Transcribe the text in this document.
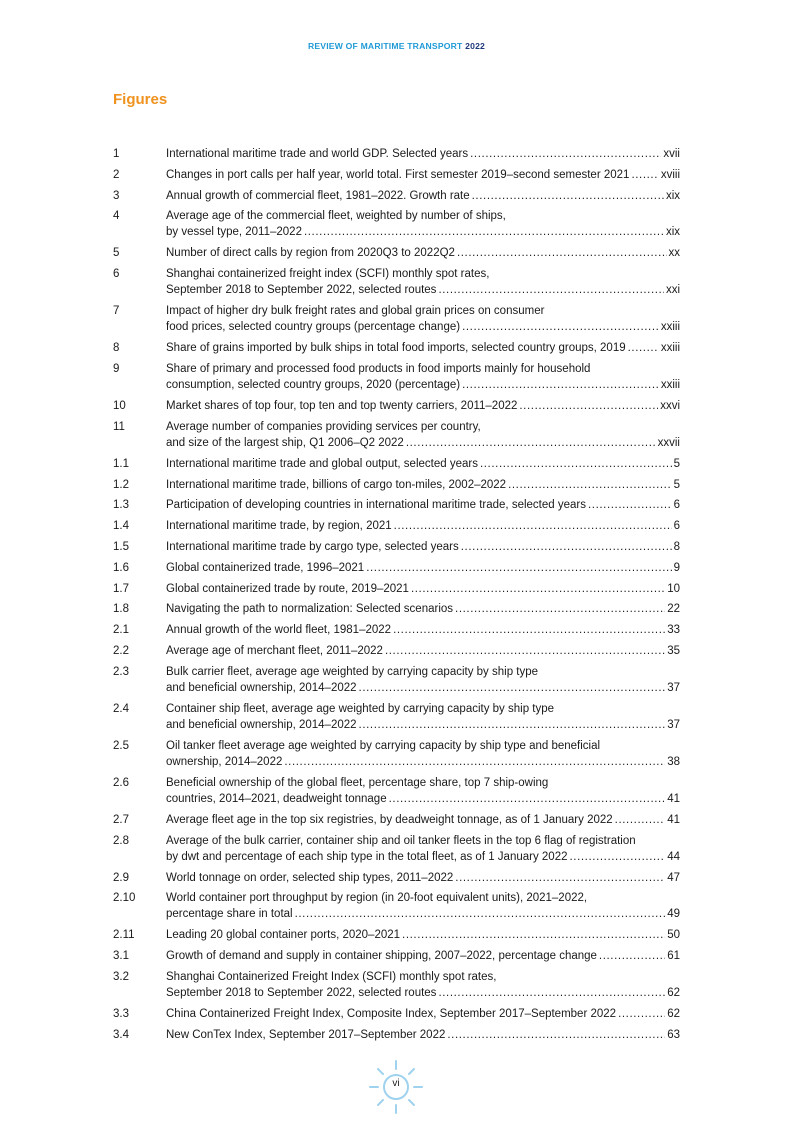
REVIEW OF MARITIME TRANSPORT 2022
Figures
1	International maritime trade and world GDP. Selected years .....	xvii
2	Changes in port calls per half year, world total. First semester 2019–second semester 2021 .....	xviii
3	Annual growth of commercial fleet, 1981–2022. Growth rate .....	xix
4	Average age of the commercial fleet, weighted by number of ships,
by vessel type, 2011–2022 .....	xix
5	Number of direct calls by region from 2020Q3 to 2022Q2 .....	xx
6	Shanghai containerized freight index (SCFI) monthly spot rates,
September 2018 to September 2022, selected routes .....	xxi
7	Impact of higher dry bulk freight rates and global grain prices on consumer
food prices, selected country groups (percentage change) .....	xxiii
8	Share of grains imported by bulk ships in total food imports, selected country groups, 2019 .....	xxiii
9	Share of primary and processed food products in food imports mainly for household
consumption, selected country groups, 2020 (percentage) .....	xxiii
10	Market shares of top four, top ten and top twenty carriers, 2011–2022 .....	xxvi
11	Average number of companies providing services per country,
and size of the largest ship, Q1 2006–Q2 2022 .....	xxvii
1.1	International maritime trade and global output, selected years .....	5
1.2	International maritime trade, billions of cargo ton-miles, 2002–2022 .....	5
1.3	Participation of developing countries in international maritime trade, selected years .....	6
1.4	International maritime trade, by region, 2021 .....	6
1.5	International maritime trade by cargo type, selected years .....	8
1.6	Global containerized trade, 1996–2021 .....	9
1.7	Global containerized trade by route, 2019–2021 .....	10
1.8	Navigating the path to normalization: Selected scenarios .....	22
2.1	Annual growth of the world fleet, 1981–2022 .....	33
2.2	Average age of merchant fleet, 2011–2022 .....	35
2.3	Bulk carrier fleet, average age weighted by carrying capacity by ship type
and beneficial ownership, 2014–2022 .....	37
2.4	Container ship fleet, average age weighted by carrying capacity by ship type
and beneficial ownership, 2014–2022 .....	37
2.5	Oil tanker fleet average age weighted by carrying capacity by ship type and beneficial
ownership, 2014–2022 .....	38
2.6	Beneficial ownership of the global fleet, percentage share, top 7 ship-owing
countries, 2014–2021, deadweight tonnage .....	41
2.7	Average fleet age in the top six registries, by deadweight tonnage, as of 1 January 2022 .....	41
2.8	Average of the bulk carrier, container ship and oil tanker fleets in the top 6 flag of registration
by dwt and percentage of each ship type in the total fleet, as of 1 January 2022 .....	44
2.9	World tonnage on order, selected ship types, 2011–2022 .....	47
2.10	World container port throughput by region (in 20-foot equivalent units), 2021–2022,
percentage share in total .....	49
2.11	Leading 20 global container ports, 2020–2021 .....	50
3.1	Growth of demand and supply in container shipping, 2007–2022, percentage change .....	61
3.2	Shanghai Containerized Freight Index (SCFI) monthly spot rates,
September 2018 to September 2022, selected routes .....	62
3.3	China Containerized Freight Index, Composite Index, September 2017–September 2022 .....	62
3.4	New ConTex Index, September 2017–September 2022 .....	63
vi
